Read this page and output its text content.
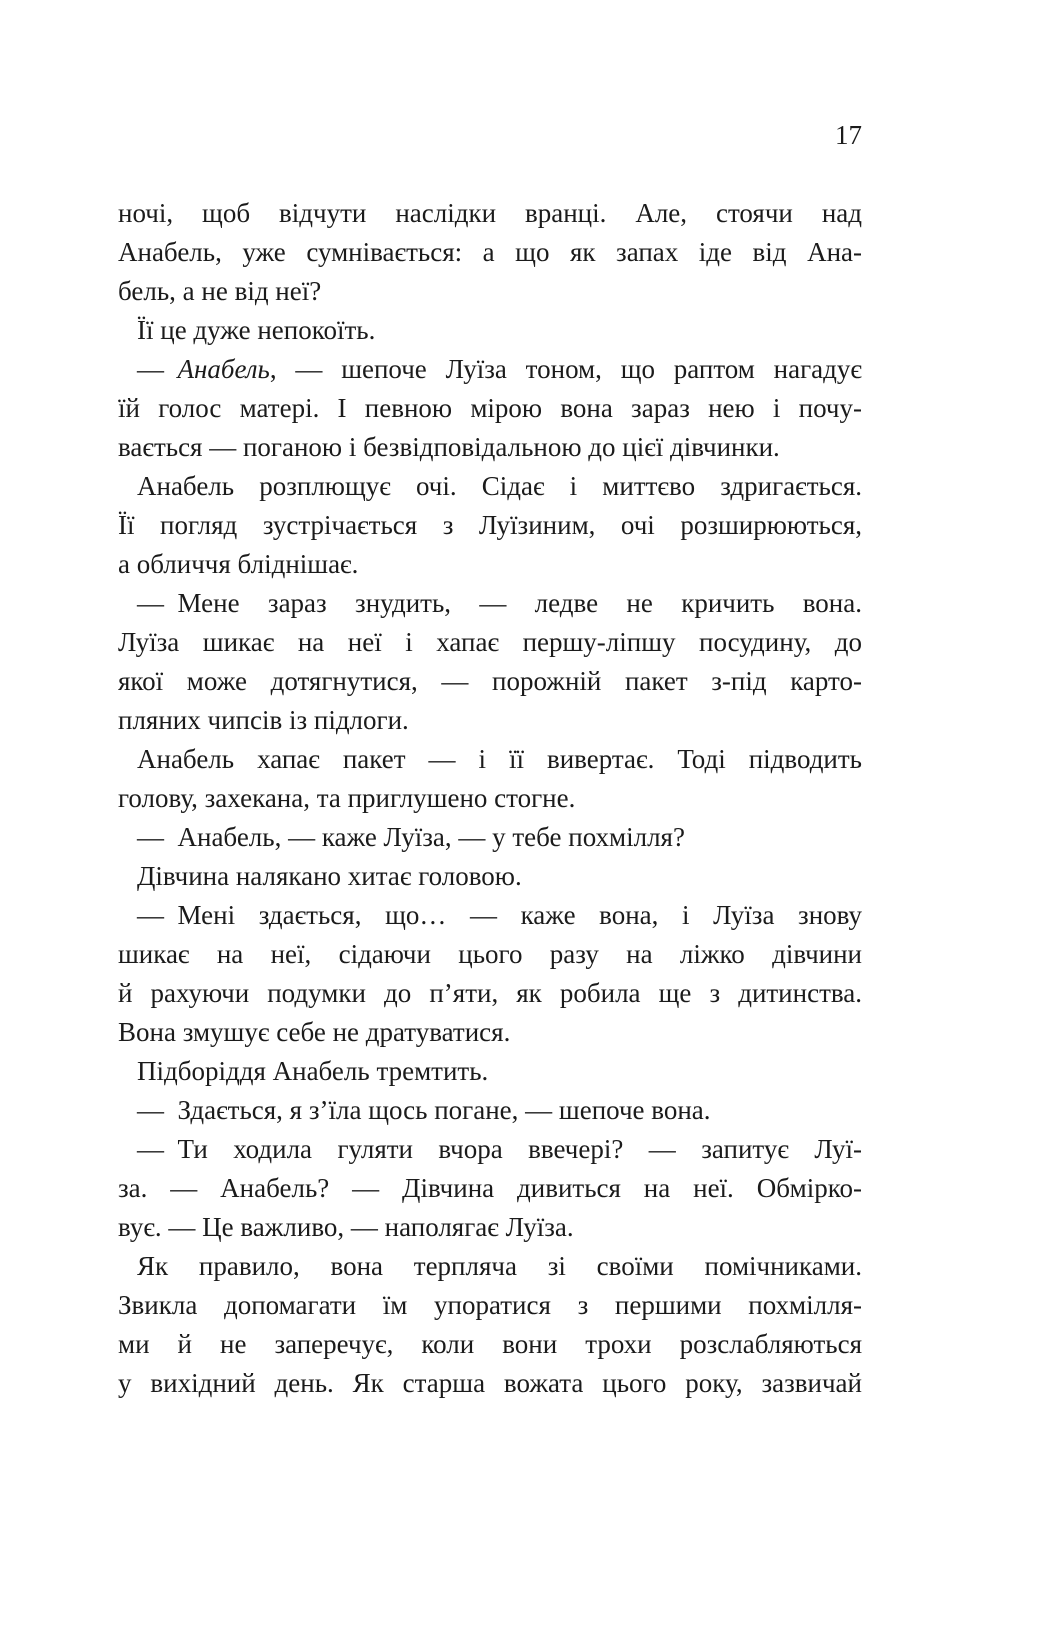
17
ночі, щоб відчути наслідки вранці. Але, стоячи над
Анабель, уже сумнівається: а що як запах іде від Ана-
бель, а не від неї?
Її це дуже непокоїть.
— Анабель, — шепоче Луїза тоном, що раптом нагадує
їй голос матері. І певною мірою вона зараз нею і почу-
вається — поганою і безвідповідальною до цієї дівчинки.
Анабель розплющує очі. Сідає і миттєво здригається.
Її погляд зустрічається з Луїзиним, очі розширюються,
а обличчя бліднішає.
— Мене зараз знудить, — ледве не кричить вона.
Луїза шикає на неї і хапає першу-ліпшу посудину, до
якої може дотягнутися, — порожній пакет з-під карто-
пляних чипсів із підлоги.
Анабель хапає пакет — і її вивертає. Тоді підводить
голову, захекана, та приглушено стогне.
— Анабель, — каже Луїза, — у тебе похмілля?
Дівчина налякано хитає головою.
— Мені здається, що… — каже вона, і Луїза знову
шикає на неї, сідаючи цього разу на ліжко дівчини
й рахуючи подумки до п’яти, як робила ще з дитинства.
Вона змушує себе не дратуватися.
Підборіддя Анабель тремтить.
— Здається, я з’їла щось погане, — шепоче вона.
— Ти ходила гуляти вчора ввечері? — запитує Луї-
за. — Анабель? — Дівчина дивиться на неї. Обмірко-
вує. — Це важливо, — наполягає Луїза.
Як правило, вона терпляча зі своїми помічниками.
Звикла допомагати їм упоратися з першими похмілля-
ми й не заперечує, коли вони трохи розслабляються
у вихідний день. Як старша вожата цього року, зазвичай
